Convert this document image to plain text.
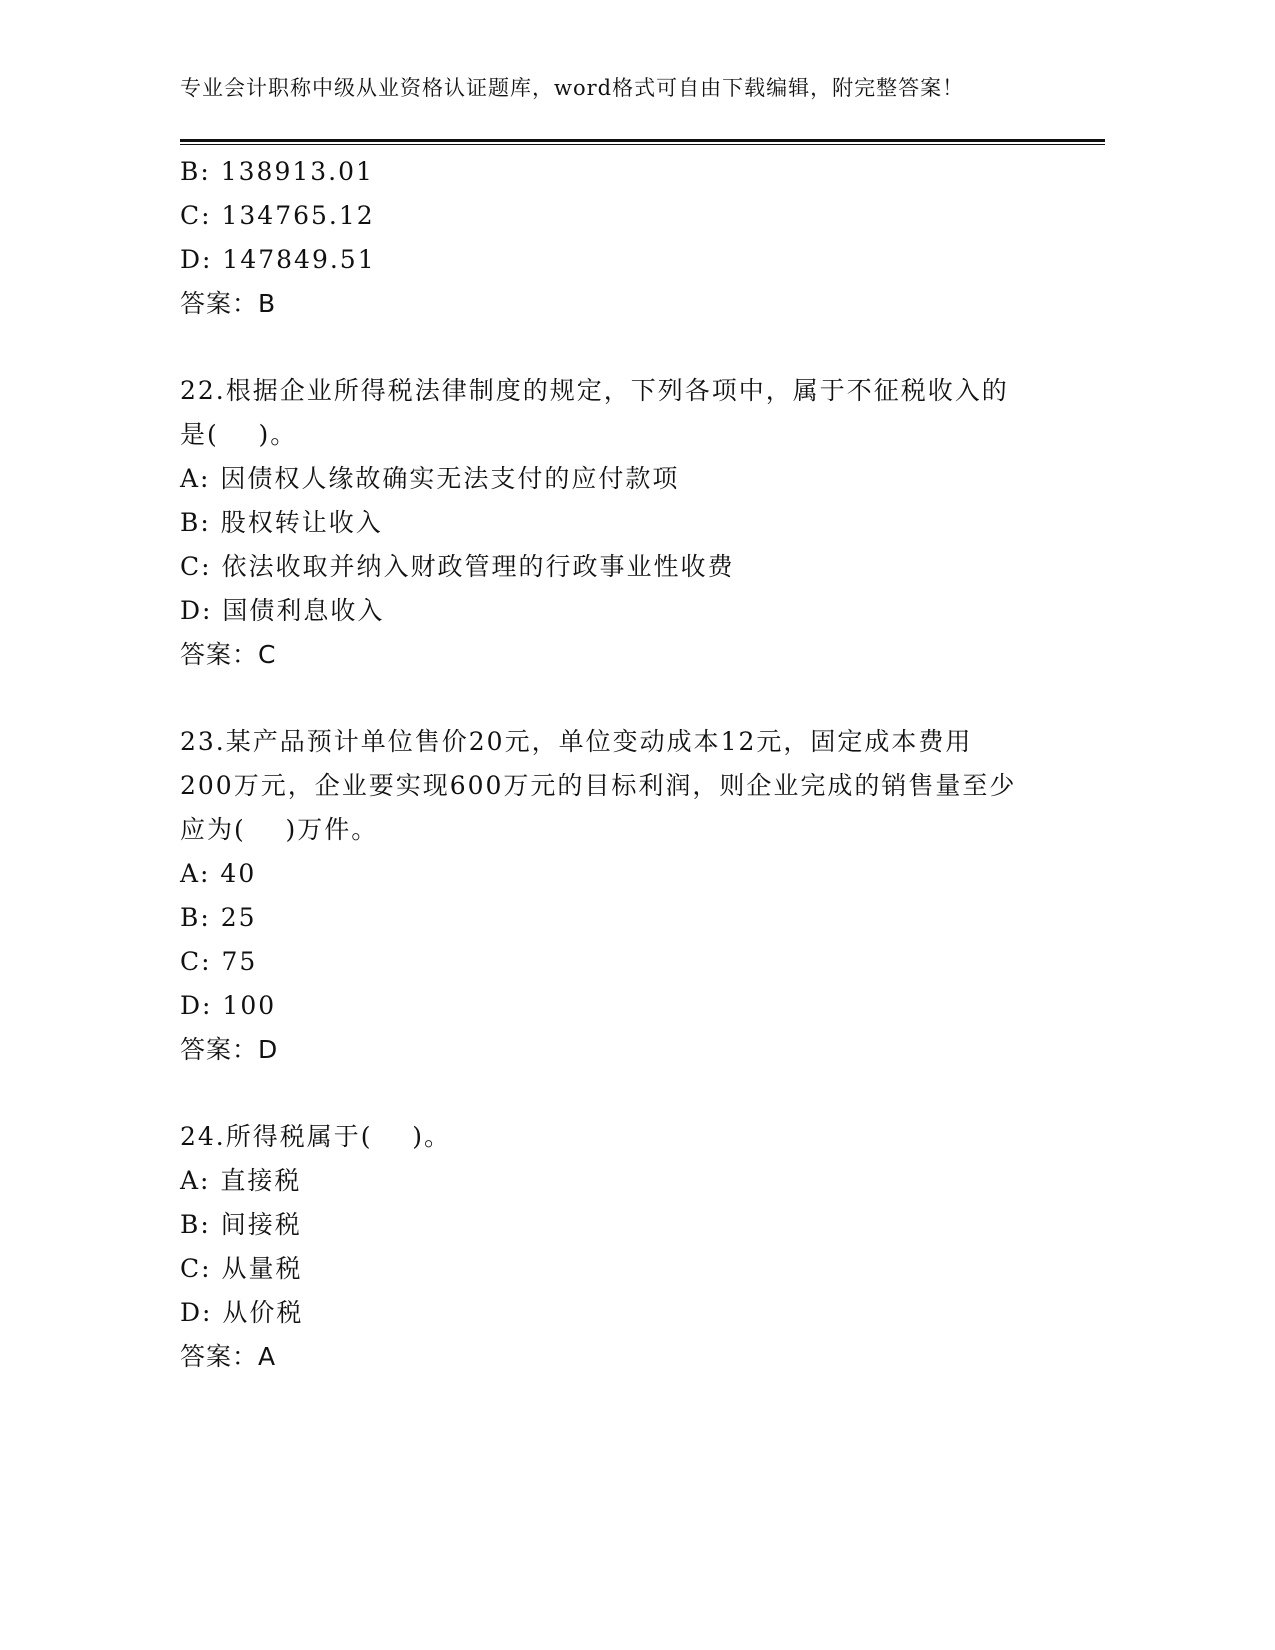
专业会计职称中级从业资格认证题库，word格式可自由下载编辑，附完整答案！
B: 138913.01
C: 134765.12
D: 147849.51
答案：B
22.根据企业所得税法律制度的规定，下列各项中，属于不征税收入的
是(    )。
A: 因债权人缘故确实无法支付的应付款项
B: 股权转让收入
C: 依法收取并纳入财政管理的行政事业性收费
D: 国债利息收入
答案：C
23.某产品预计单位售价20元，单位变动成本12元，固定成本费用
200万元，企业要实现600万元的目标利润，则企业完成的销售量至少
应为(    )万件。
A: 40
B: 25
C: 75
D: 100
答案：D
24.所得税属于(    )。
A: 直接税
B: 间接税
C: 从量税
D: 从价税
答案：A
